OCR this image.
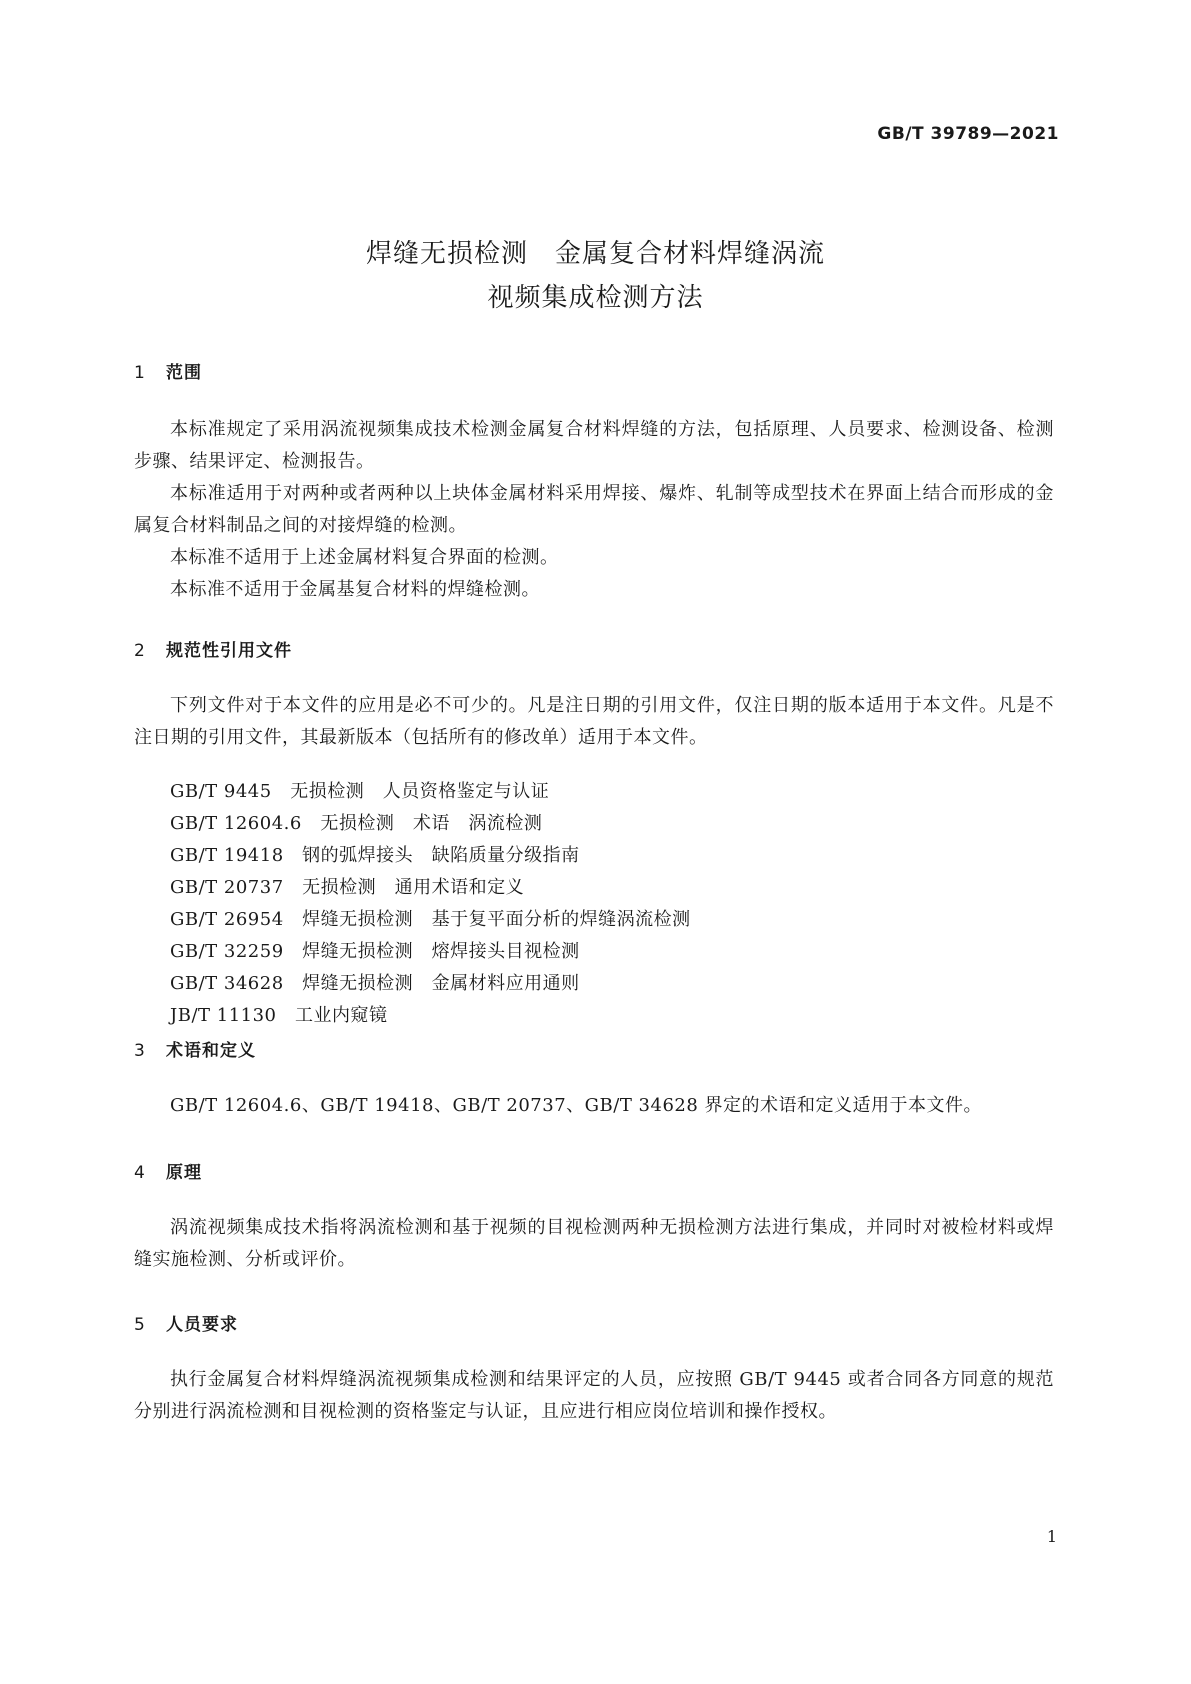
GB/T 39789—2021
焊缝无损检测　金属复合材料焊缝涡流
视频集成检测方法
1 范围
本标准规定了采用涡流视频集成技术检测金属复合材料焊缝的方法，包括原理、人员要求、检测设备、检测步骤、结果评定、检测报告。
本标准适用于对两种或者两种以上块体金属材料采用焊接、爆炸、轧制等成型技术在界面上结合而形成的金属复合材料制品之间的对接焊缝的检测。
本标准不适用于上述金属材料复合界面的检测。
本标准不适用于金属基复合材料的焊缝检测。
2 规范性引用文件
下列文件对于本文件的应用是必不可少的。凡是注日期的引用文件，仅注日期的版本适用于本文件。凡是不注日期的引用文件，其最新版本（包括所有的修改单）适用于本文件。
GB/T 9445　无损检测　人员资格鉴定与认证
GB/T 12604.6　无损检测　术语　涡流检测
GB/T 19418　钢的弧焊接头　缺陷质量分级指南
GB/T 20737　无损检测　通用术语和定义
GB/T 26954　焊缝无损检测　基于复平面分析的焊缝涡流检测
GB/T 32259　焊缝无损检测　熔焊接头目视检测
GB/T 34628　焊缝无损检测　金属材料应用通则
JB/T 11130　工业内窥镜
3 术语和定义
GB/T 12604.6、GB/T 19418、GB/T 20737、GB/T 34628 界定的术语和定义适用于本文件。
4 原理
涡流视频集成技术指将涡流检测和基于视频的目视检测两种无损检测方法进行集成，并同时对被检材料或焊缝实施检测、分析或评价。
5 人员要求
执行金属复合材料焊缝涡流视频集成检测和结果评定的人员，应按照 GB/T 9445 或者合同各方同意的规范分别进行涡流检测和目视检测的资格鉴定与认证，且应进行相应岗位培训和操作授权。
1
